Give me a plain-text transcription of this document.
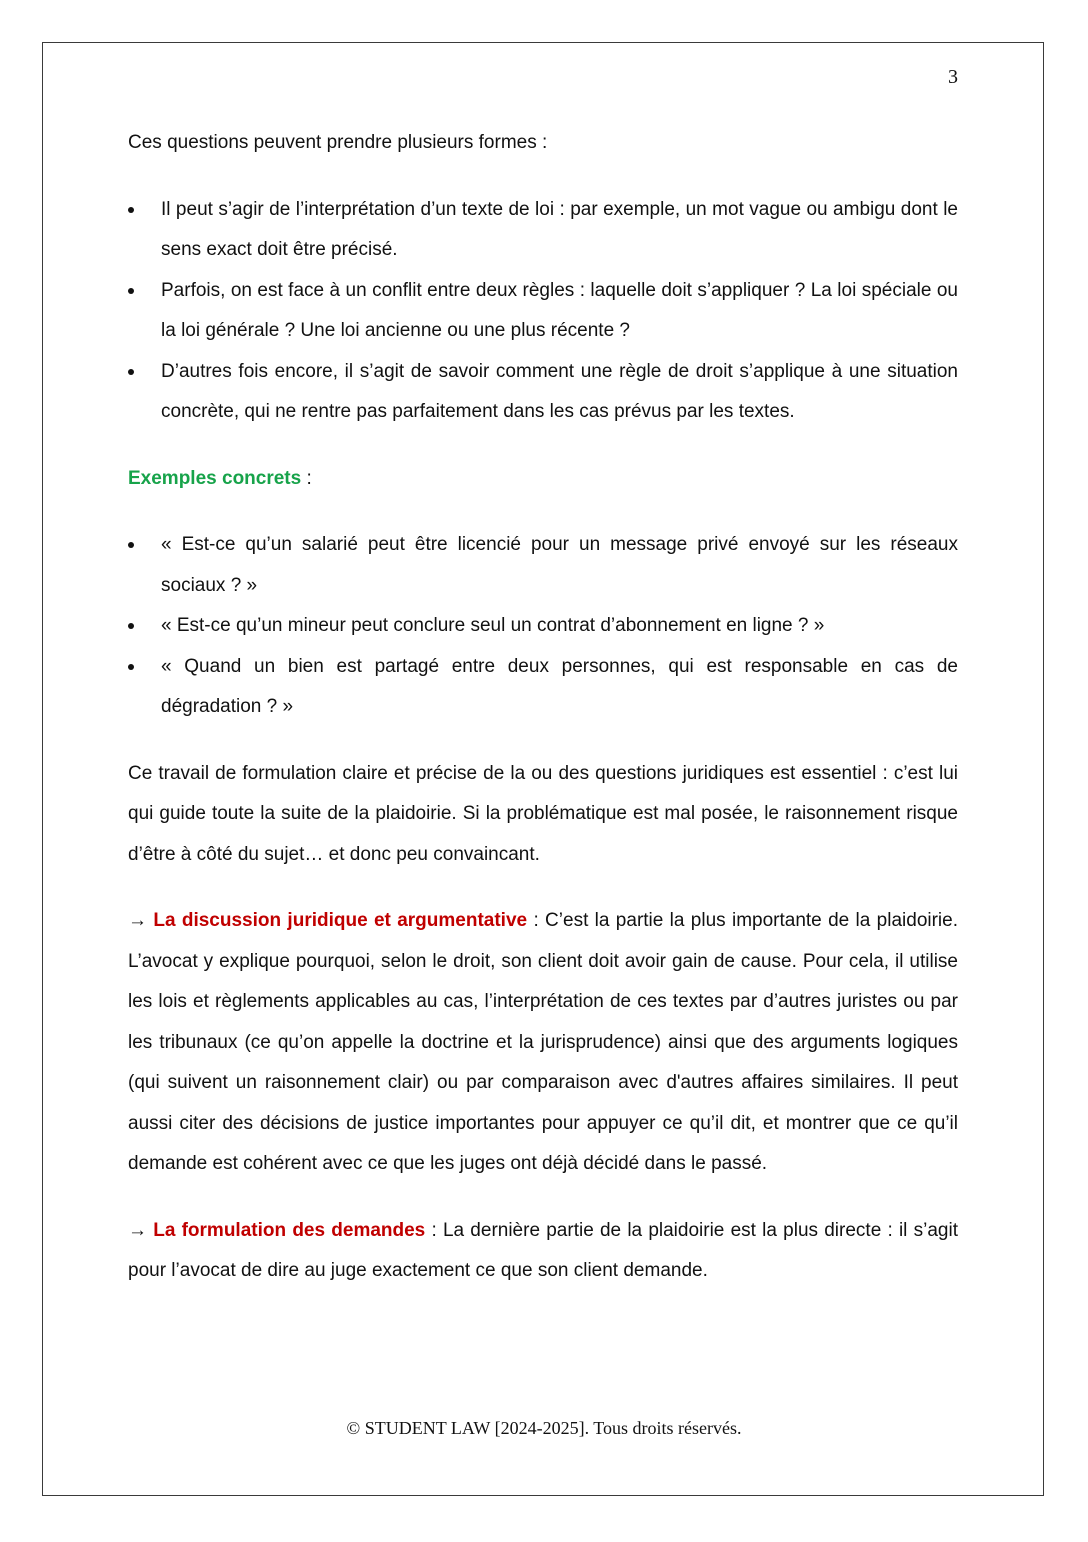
3

Ces questions peuvent prendre plusieurs formes :

Il peut s’agir de l’interprétation d’un texte de loi : par exemple, un mot vague ou ambigu dont le sens exact doit être précisé.
Parfois, on est face à un conflit entre deux règles : laquelle doit s’appliquer ? La loi spéciale ou la loi générale ? Une loi ancienne ou une plus récente ?
D’autres fois encore, il s’agit de savoir comment une règle de droit s’applique à une situation concrète, qui ne rentre pas parfaitement dans les cas prévus par les textes.

Exemples concrets :

« Est-ce qu’un salarié peut être licencié pour un message privé envoyé sur les réseaux sociaux ? »
« Est-ce qu’un mineur peut conclure seul un contrat d’abonnement en ligne ? »
« Quand un bien est partagé entre deux personnes, qui est responsable en cas de dégradation ? »

Ce travail de formulation claire et précise de la ou des questions juridiques est essentiel : c’est lui qui guide toute la suite de la plaidoirie. Si la problématique est mal posée, le raisonnement risque d’être à côté du sujet… et donc peu convaincant.

→ La discussion juridique et argumentative : C’est la partie la plus importante de la plaidoirie. L’avocat y explique pourquoi, selon le droit, son client doit avoir gain de cause. Pour cela, il utilise les lois et règlements applicables au cas, l’interprétation de ces textes par d’autres juristes ou par les tribunaux (ce qu’on appelle la doctrine et la jurisprudence) ainsi que des arguments logiques (qui suivent un raisonnement clair) ou par comparaison avec d'autres affaires similaires. Il peut aussi citer des décisions de justice importantes pour appuyer ce qu’il dit, et montrer que ce qu’il demande est cohérent avec ce que les juges ont déjà décidé dans le passé.

→ La formulation des demandes : La dernière partie de la plaidoirie est la plus directe : il s’agit pour l’avocat de dire au juge exactement ce que son client demande.

© STUDENT LAW [2024-2025]. Tous droits réservés.
